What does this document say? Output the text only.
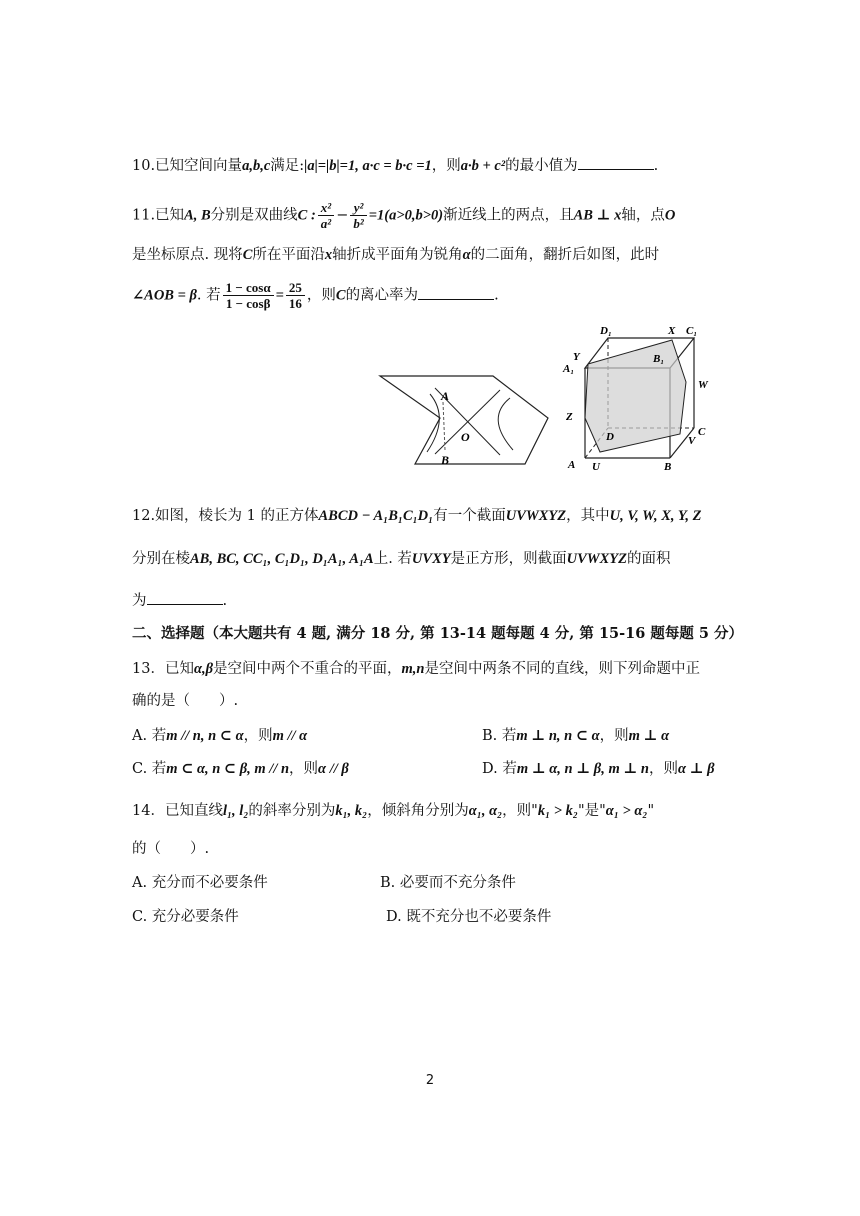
10.已知空间向量a,b,c满足:|a|=|b|=1, a·c = b·c =1，则a·b + c²的最小值为	.
11.已知A, B分别是双曲线C : $\frac{\text{x²}}{\text{a²}} - \frac{\text{y²}}{\text{b²}} =1(a>0,b>0)$渐近线上的两点，且AB ⊥ x轴，点O
是坐标原点. 现将C所在平面沿x轴折成平面角为锐角α的二面角，翻折后如图，此时
∠AOB = β. 若 $\frac{1 - \cos\alpha}{1 - \cos\beta} = \frac{25}{16}$ ，则C的离心率为	.
A
O
B
D₁	X C₁
Y
A₁
B₁
W
Z
D	C
V
A U	B
12.如图，棱长为 1 的正方体ABCD − A₁B₁C₁D₁有一个截面UVWXYZ，其中U, V, W, X, Y, Z
分别在棱AB, BC, CC₁, C₁D₁, D₁A₁, A₁A上. 若UVXY是正方形，则截面UVWXYZ的面积
为	.
二、选择题（本大题共有 4 题, 满分 18 分, 第 13-14 题每题 4 分, 第 15-16 题每题 5 分）
13．已知α,β是空间中两个不重合的平面，m,n是空间中两条不同的直线，则下列命题中正
确的是（　　）.
A. 若m // n, n ⊂ α，则m // α	B. 若m ⊥ n, n ⊂ α，则m ⊥ α
C. 若m ⊂ α, n ⊂ β, m // n，则α // β	D. 若m ⊥ α, n ⊥ β, m ⊥ n，则α ⊥ β
14．已知直线l₁, l₂的斜率分别为k₁, k₂，倾斜角分别为α₁, α₂，则"k₁ > k₂"是"α₁ > α₂"
的（　　）.
A. 充分而不必要条件	B. 必要而不充分条件
C. 充分必要条件	D. 既不充分也不必要条件
2
